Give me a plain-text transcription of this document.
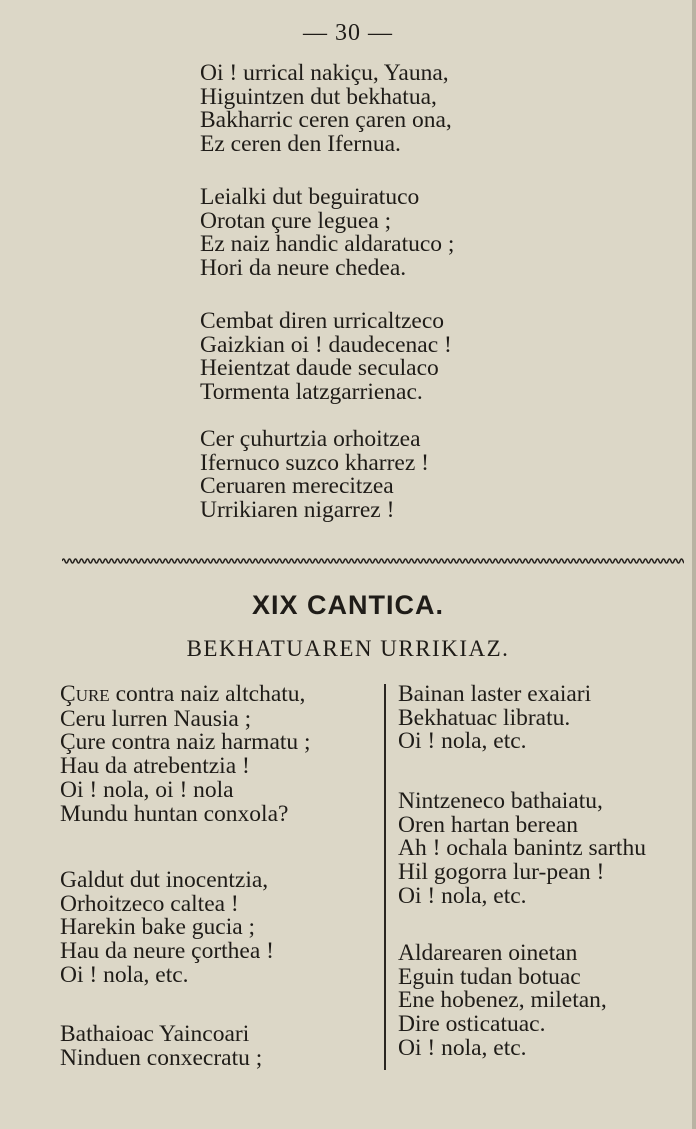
— 30 —
Oi ! urrical nakiçu, Yauna,
Higuintzen dut bekhatua,
Bakharric ceren çaren ona,
Ez ceren den Ifernua.
Leialki dut beguiratuco
Orotan çure leguea ;
Ez naiz handic aldaratuco ;
Hori da neure chedea.
Cembat diren urricaltzeco
Gaizkian oi ! daudecenac !
Heientzat daude seculaco
Tormenta latzgarrienac.
Cer çuhurtzia orhoitzea
Ifernuco suzco kharrez !
Ceruaren merecitzea
Urrikiaren nigarrez !
XIX CANTICA.
BEKHATUAREN URRIKIAZ.
ÇURE contra naiz altchatu,
Ceru lurren Nausia ;
Çure contra naiz harmatu ;
Hau da atrebentzia !
Oi ! nola, oi ! nola
Mundu huntan conxola?
Galdut dut inocentzia,
Orhoitzeco caltea !
Harekin bake gucia ;
Hau da neure çorthea !
Oi ! nola, etc.
Bathaioac Yaincoari
Ninduen conxecratu ;
Bainan laster exaiari
Bekhatuac libratu.
Oi ! nola, etc.
Nintzeneco bathaiatu,
Oren hartan berean
Ah ! ochala banintz sarthu
Hil gogorra lur-pean !
Oi ! nola, etc.
Aldarearen oinetan
Eguin tudan botuac
Ene hobenez, miletan,
Dire osticatuac.
Oi ! nola, etc.
